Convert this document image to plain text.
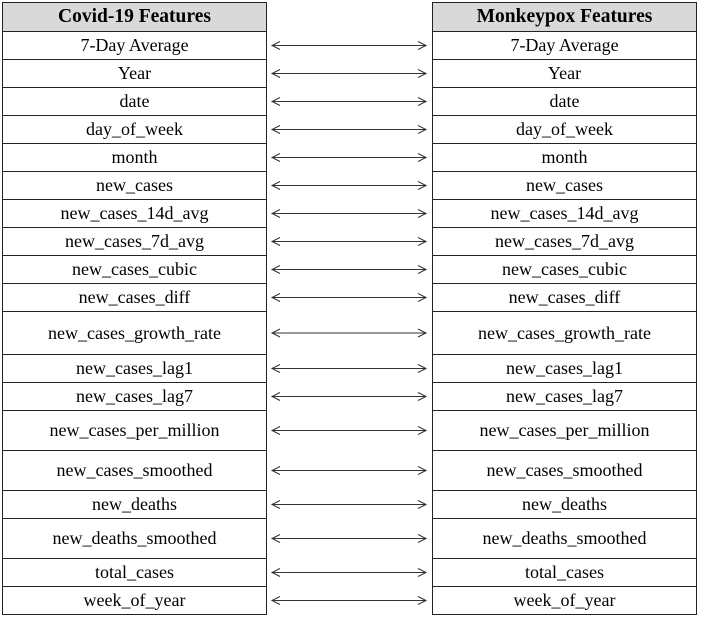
Covid-19 Features
7-Day Average
Year
date
day_of_week
month
new_cases
new_cases_14d_avg
new_cases_7d_avg
new_cases_cubic
new_cases_diff
new_cases_growth_rate
new_cases_lag1
new_cases_lag7
new_cases_per_million
new_cases_smoothed
new_deaths
new_deaths_smoothed
total_cases
week_of_year
Monkeypox Features
7-Day Average
Year
date
day_of_week
month
new_cases
new_cases_14d_avg
new_cases_7d_avg
new_cases_cubic
new_cases_diff
new_cases_growth_rate
new_cases_lag1
new_cases_lag7
new_cases_per_million
new_cases_smoothed
new_deaths
new_deaths_smoothed
total_cases
week_of_year
